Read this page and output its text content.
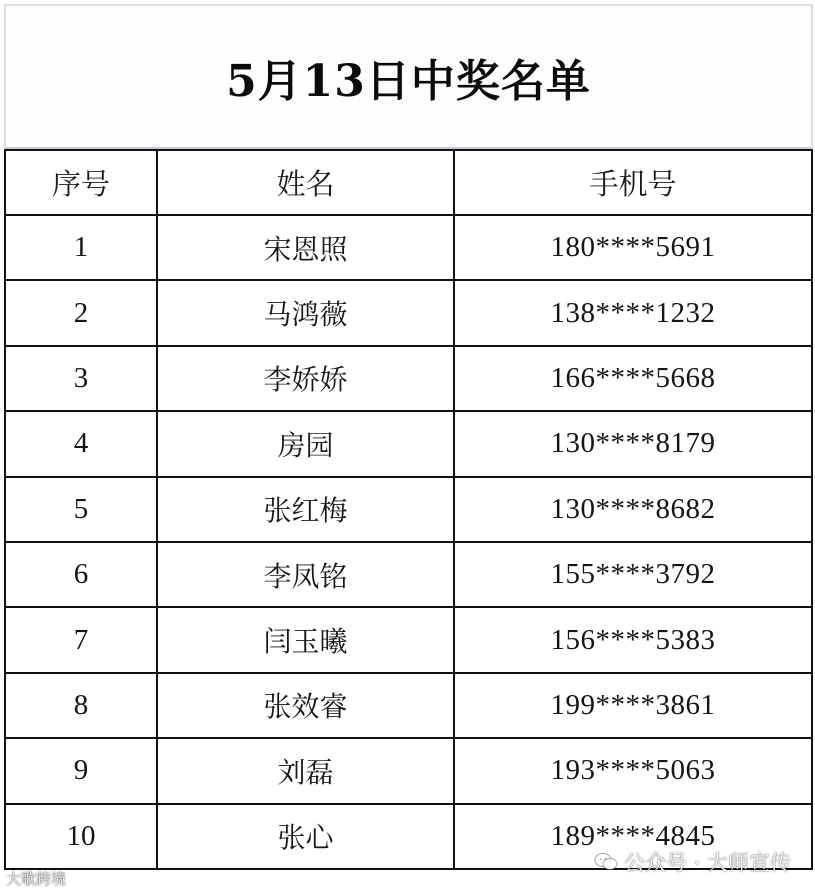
5月13日中奖名单
序号	姓名	手机号
1	宋恩照	180****5691
2	马鸿薇	138****1232
3	李娇娇	166****5668
4	房园	130****8179
5	张红梅	130****8682
6	李凤铭	155****3792
7	闫玉曦	156****5383
8	张效睿	199****3861
9	刘磊	193****5063
10	张心	189****4845
大歌跨境
公众号 · 大师宣传
